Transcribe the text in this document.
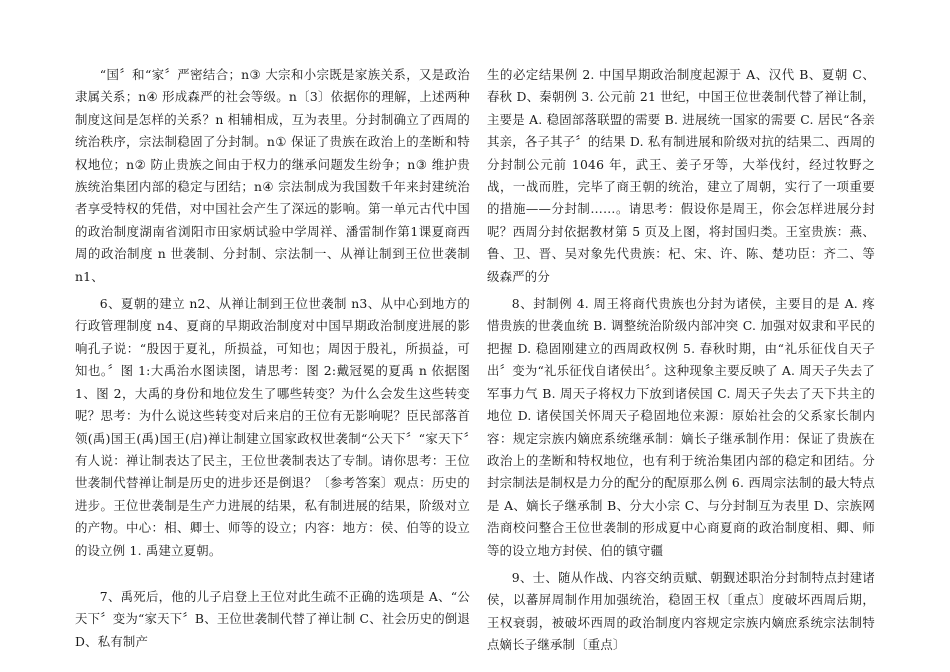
“国〞和“家〞严密结合；n③ 大宗和小宗既是家族关系，又是政治隶属关系；n④ 形成森严的社会等级。n〔3〕依据你的理解，上述两种制度这间是怎样的关系？n 相辅相成，互为表里。分封制确立了西周的统治秩序，宗法制稳固了分封制。n① 保证了贵族在政治上的垄断和特权地位；n② 防止贵族之间由于权力的继承问题发生纷争；n③ 维护贵族统治集团内部的稳定与团结；n④ 宗法制成为我国数千年来封建统治者享受特权的凭借，对中国社会产生了深远的影响。第一单元古代中国的政治制度湖南省浏阳市田家炳试验中学周祥、潘雷制作第1课夏商西周的政治制度 n 世袭制、分封制、宗法制一、从禅让制到王位世袭制 n1、

6、夏朝的建立 n2、从禅让制到王位世袭制 n3、从中心到地方的行政管理制度 n4、夏商的早期政治制度对中国早期政治制度进展的影响孔子说：“殷因于夏礼，所损益，可知也；周因于殷礼，所损益，可知也。〞图 1:大禹治水图读图，请思考：图 2:戴冠冕的夏禹 n 依据图 1、图 2，大禹的身份和地位发生了哪些转变？为什么会发生这些转变呢？思考：为什么说这些转变对后来启的王位有无影响呢？臣民部落首领(禹)国王(禹)国王(启)禅让制建立国家政权世袭制“公天下〞“家天下〞有人说：禅让制表达了民主，王位世袭制表达了专制。请你思考：王位世袭制代替禅让制是历史的进步还是倒退？〔参考答案〕观点：历史的进步。王位世袭制是生产力进展的结果，私有制进展的结果，阶级对立的产物。中心：相、卿士、师等的设立；内容：地方：侯、伯等的设立的设立例 1. 禹建立夏朝。

7、禹死后，他的儿子启登上王位对此生疏不正确的选项是 A、“公天下〞变为“家天下〞B、王位世袭制代替了禅让制 C、社会历史的倒退 D、私有制产

生的必定结果例 2. 中国早期政治制度起源于 A、汉代 B、夏朝 C、春秋 D、秦朝例 3. 公元前 21 世纪，中国王位世袭制代替了禅让制，主要是 A. 稳固部落联盟的需要 B. 进展统一国家的需要 C. 居民“各亲其亲，各子其子〞的结果 D. 私有制进展和阶级对抗的结果二、西周的分封制公元前 1046 年，武王、姜子牙等，大举伐纣，经过牧野之战，一战而胜，完毕了商王朝的统治，建立了周朝，实行了一项重要的措施——分封制……。请思考：假设你是周王，你会怎样进展分封呢？西周分封依据教材第 5 页及上图，将封国归类。王室贵族：燕、鲁、卫、晋、吴对象先代贵族：杞、宋、许、陈、楚功臣：齐二、等级森严的分

8、封制例 4. 周王将商代贵族也分封为诸侯，主要目的是 A. 疼惜贵族的世袭血统 B. 调整统治阶级内部冲突 C. 加强对奴隶和平民的把握 D. 稳固刚建立的西周政权例 5. 春秋时期，由“礼乐征伐自天子出〞变为“礼乐征伐自诸侯出〞。这种现象主要反映了 A. 周天子失去了军事力气 B. 周天子将权力下放到诸侯国 C. 周天子失去了天下共主的地位 D. 诸侯国关怀周天子稳固地位来源：原始社会的父系家长制内容：规定宗族内嫡庶系统继承制：嫡长子继承制作用：保证了贵族在政治上的垄断和特权地位，也有利于统治集团内部的稳定和团结。分封宗制法是制权是力分的配分的配原那么例 6. 西周宗法制的最大特点是 A、嫡长子继承制 B、分大小宗 C、与分封制互为表里 D、宗族网浩商校问整合王位世袭制的形成夏中心商夏商的政治制度相、卿、师等的设立地方封侯、伯的镇守疆

9、士、随从作战、内容交纳贡赋、朝觐述职治分封制特点封建诸侯，以蕃屏周制作用加强统治，稳固王权〔重点〕度破坏西周后期，王权衰弱，被破坏西周的政治制度内容规定宗族内嫡庶系统宗法制特点嫡长子继承制〔重点〕
